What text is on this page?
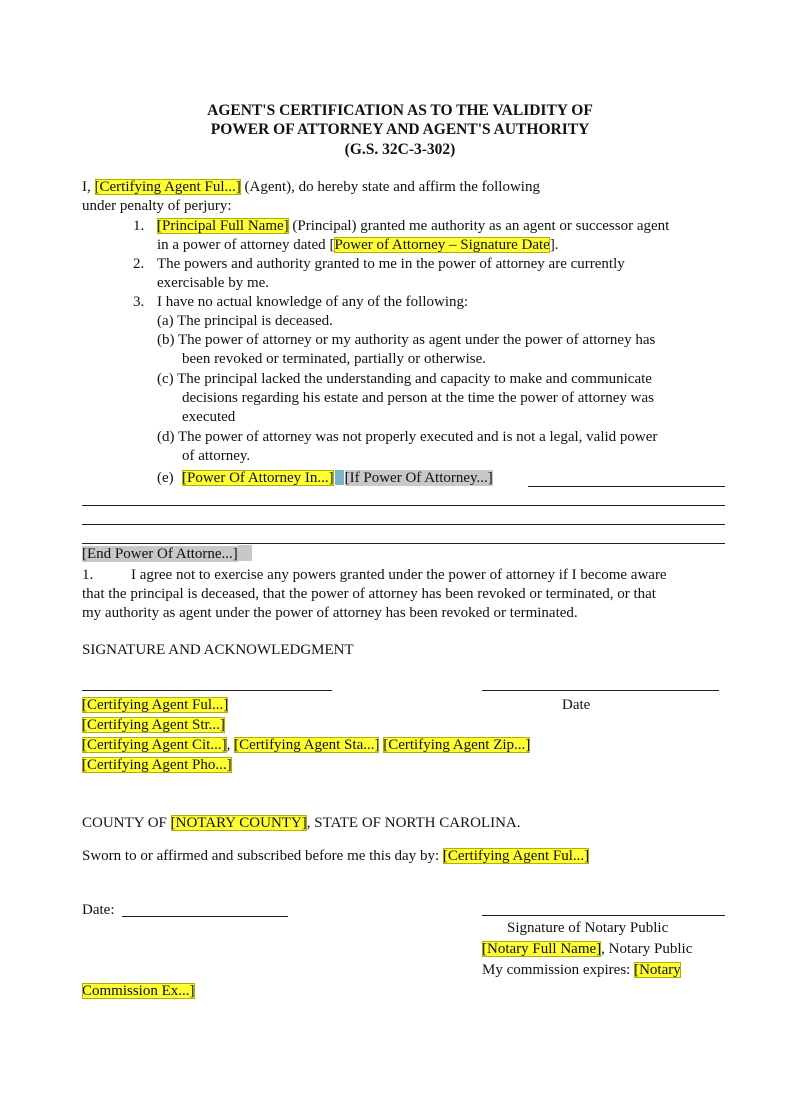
AGENT'S CERTIFICATION AS TO THE VALIDITY OF
POWER OF ATTORNEY AND AGENT'S AUTHORITY
(G.S. 32C-3-302)
I, [Certifying Agent Ful...] (Agent), do hereby state and affirm the following
under penalty of perjury:
1. [Principal Full Name] (Principal) granted me authority as an agent or successor agent
in a power of attorney dated [Power of Attorney – Signature Date].
2. The powers and authority granted to me in the power of attorney are currently
exercisable by me.
3. I have no actual knowledge of any of the following:
(a) The principal is deceased.
(b) The power of attorney or my authority as agent under the power of attorney has
been revoked or terminated, partially or otherwise.
(c) The principal lacked the understanding and capacity to make and communicate
decisions regarding his estate and person at the time the power of attorney was
executed
(d) The power of attorney was not properly executed and is not a legal, valid power
of attorney.
(e) [Power Of Attorney In...] [If Power Of Attorney...]
[End Power Of Attorne...]
1.	I agree not to exercise any powers granted under the power of attorney if I become aware
that the principal is deceased, that the power of attorney has been revoked or terminated, or that
my authority as agent under the power of attorney has been revoked or terminated.
SIGNATURE AND ACKNOWLEDGMENT
[Certifying Agent Ful...]	Date
[Certifying Agent Str...]
[Certifying Agent Cit...], [Certifying Agent Sta...] [Certifying Agent Zip...]
[Certifying Agent Pho...]
COUNTY OF [NOTARY COUNTY], STATE OF NORTH CAROLINA.
Sworn to or affirmed and subscribed before me this day by: [Certifying Agent Ful...]
Date:
Signature of Notary Public
[Notary Full Name], Notary Public
My commission expires: [Notary
Commission Ex...]
